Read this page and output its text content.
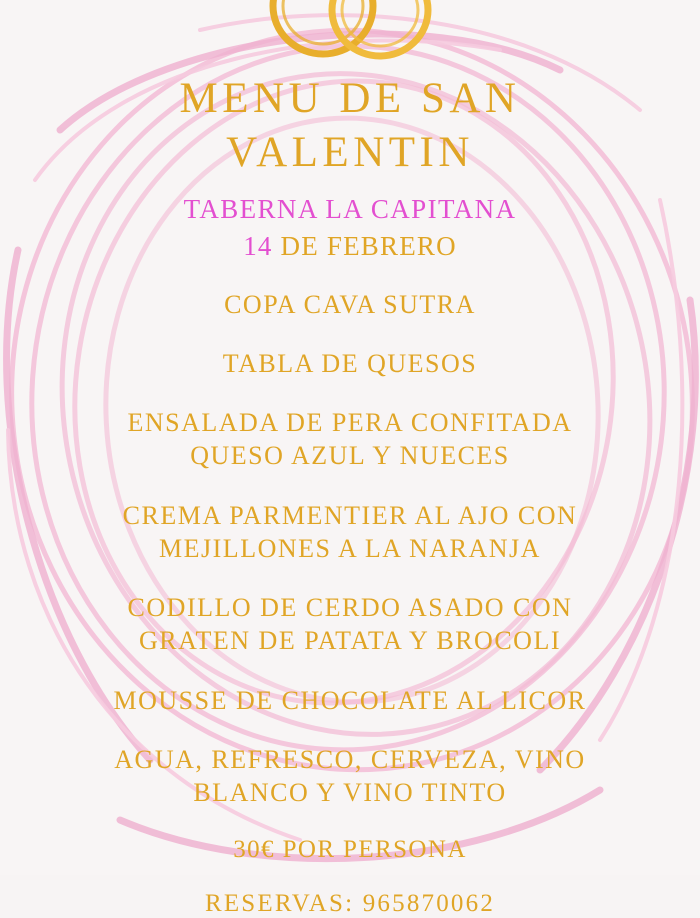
MENU DE SAN VALENTIN
TABERNA LA CAPITANA
14 DE FEBRERO
COPA CAVA SUTRA
TABLA DE QUESOS
ENSALADA DE PERA CONFITADA
QUESO AZUL Y NUECES
CREMA PARMENTIER AL AJO CON
MEJILLONES A LA NARANJA
CODILLO DE CERDO ASADO CON
GRATEN DE PATATA Y BROCOLI
MOUSSE DE CHOCOLATE AL LICOR
AGUA, REFRESCO, CERVEZA, VINO
BLANCO Y VINO TINTO
30€ POR PERSONA
RESERVAS: 965870062
